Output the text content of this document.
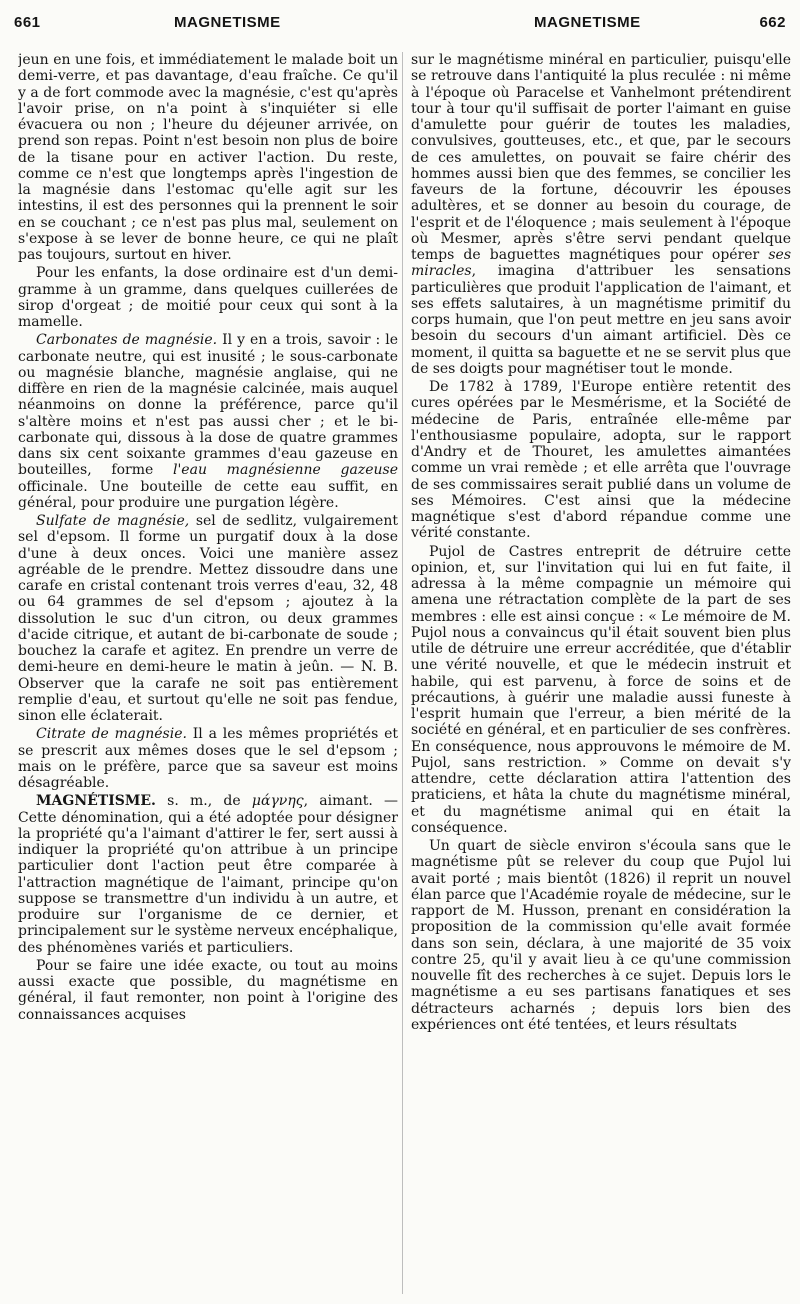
661	MAGNETISME	MAGNETISME	662

jeun en une fois, et immédiatement le malade boit un demi-verre, et pas davantage, d'eau fraîche. Ce qu'il y a de fort commode avec la magnésie, c'est qu'après l'avoir prise, on n'a point à s'inquiéter si elle évacuera ou non ; l'heure du déjeuner arrivée, on prend son repas. Point n'est besoin non plus de boire de la tisane pour en activer l'action. Du reste, comme ce n'est que longtemps après l'ingestion de la magnésie dans l'estomac qu'elle agit sur les intestins, il est des personnes qui la prennent le soir en se couchant ; ce n'est pas plus mal, seulement on s'expose à se lever de bonne heure, ce qui ne plaît pas toujours, surtout en hiver.

Pour les enfants, la dose ordinaire est d'un demi-gramme à un gramme, dans quelques cuillerées de sirop d'orgeat ; de moitié pour ceux qui sont à la mamelle.

Carbonates de magnésie. Il y en a trois, savoir : le carbonate neutre, qui est inusité ; le sous-carbonate ou magnésie blanche, magnésie anglaise, qui ne diffère en rien de la magnésie calcinée, mais auquel néanmoins on donne la préférence, parce qu'il s'altère moins et n'est pas aussi cher ; et le bi-carbonate qui, dissous à la dose de quatre grammes dans six cent soixante grammes d'eau gazeuse en bouteilles, forme l'eau magnésienne gazeuse officinale. Une bouteille de cette eau suffit, en général, pour produire une purgation légère.

Sulfate de magnésie, sel de sedlitz, vulgairement sel d'epsom. Il forme un purgatif doux à la dose d'une à deux onces. Voici une manière assez agréable de le prendre. Mettez dissoudre dans une carafe en cristal contenant trois verres d'eau, 32, 48 ou 64 grammes de sel d'epsom ; ajoutez à la dissolution le suc d'un citron, ou deux grammes d'acide citrique, et autant de bi-carbonate de soude ; bouchez la carafe et agitez. En prendre un verre de demi-heure en demi-heure le matin à jeûn. — N. B. Observer que la carafe ne soit pas entièrement remplie d'eau, et surtout qu'elle ne soit pas fendue, sinon elle éclaterait.

Citrate de magnésie. Il a les mêmes propriétés et se prescrit aux mêmes doses que le sel d'epsom ; mais on le préfère, parce que sa saveur est moins désagréable.

MAGNÉTISME. s. m., de μάγνης, aimant. — Cette dénomination, qui a été adoptée pour désigner la propriété qu'a l'aimant d'attirer le fer, sert aussi à indiquer la propriété qu'on attribue à un principe particulier dont l'action peut être comparée à l'attraction magnétique de l'aimant, principe qu'on suppose se transmettre d'un individu à un autre, et produire sur l'organisme de ce dernier, et principalement sur le système nerveux encéphalique, des phénomènes variés et particuliers.

Pour se faire une idée exacte, ou tout au moins aussi exacte que possible, du magnétisme en général, il faut remonter, non point à l'origine des connaissances acquises

sur le magnétisme minéral en particulier, puisqu'elle se retrouve dans l'antiquité la plus reculée : ni même à l'époque où Paracelse et Vanhelmont prétendirent tour à tour qu'il suffisait de porter l'aimant en guise d'amulette pour guérir de toutes les maladies, convulsives, goutteuses, etc., et que, par le secours de ces amulettes, on pouvait se faire chérir des hommes aussi bien que des femmes, se concilier les faveurs de la fortune, découvrir les épouses adultères, et se donner au besoin du courage, de l'esprit et de l'éloquence ; mais seulement à l'époque où Mesmer, après s'être servi pendant quelque temps de baguettes magnétiques pour opérer ses miracles, imagina d'attribuer les sensations particulières que produit l'application de l'aimant, et ses effets salutaires, à un magnétisme primitif du corps humain, que l'on peut mettre en jeu sans avoir besoin du secours d'un aimant artificiel. Dès ce moment, il quitta sa baguette et ne se servit plus que de ses doigts pour magnétiser tout le monde.

De 1782 à 1789, l'Europe entière retentit des cures opérées par le Mesmérisme, et la Société de médecine de Paris, entraînée elle-même par l'enthousiasme populaire, adopta, sur le rapport d'Andry et de Thouret, les amulettes aimantées comme un vrai remède ; et elle arrêta que l'ouvrage de ses commissaires serait publié dans un volume de ses Mémoires. C'est ainsi que la médecine magnétique s'est d'abord répandue comme une vérité constante.

Pujol de Castres entreprit de détruire cette opinion, et, sur l'invitation qui lui en fut faite, il adressa à la même compagnie un mémoire qui amena une rétractation complète de la part de ses membres : elle est ainsi conçue : « Le mémoire de M. Pujol nous a convaincus qu'il était souvent bien plus utile de détruire une erreur accréditée, que d'établir une vérité nouvelle, et que le médecin instruit et habile, qui est parvenu, à force de soins et de précautions, à guérir une maladie aussi funeste à l'esprit humain que l'erreur, a bien mérité de la société en général, et en particulier de ses confrères. En conséquence, nous approuvons le mémoire de M. Pujol, sans restriction. » Comme on devait s'y attendre, cette déclaration attira l'attention des praticiens, et hâta la chute du magnétisme minéral, et du magnétisme animal qui en était la conséquence.

Un quart de siècle environ s'écoula sans que le magnétisme pût se relever du coup que Pujol lui avait porté ; mais bientôt (1826) il reprit un nouvel élan parce que l'Académie royale de médecine, sur le rapport de M. Husson, prenant en considération la proposition de la commission qu'elle avait formée dans son sein, déclara, à une majorité de 35 voix contre 25, qu'il y avait lieu à ce qu'une commission nouvelle fît des recherches à ce sujet. Depuis lors le magnétisme a eu ses partisans fanatiques et ses détracteurs acharnés ; depuis lors bien des expériences ont été tentées, et leurs résultats
